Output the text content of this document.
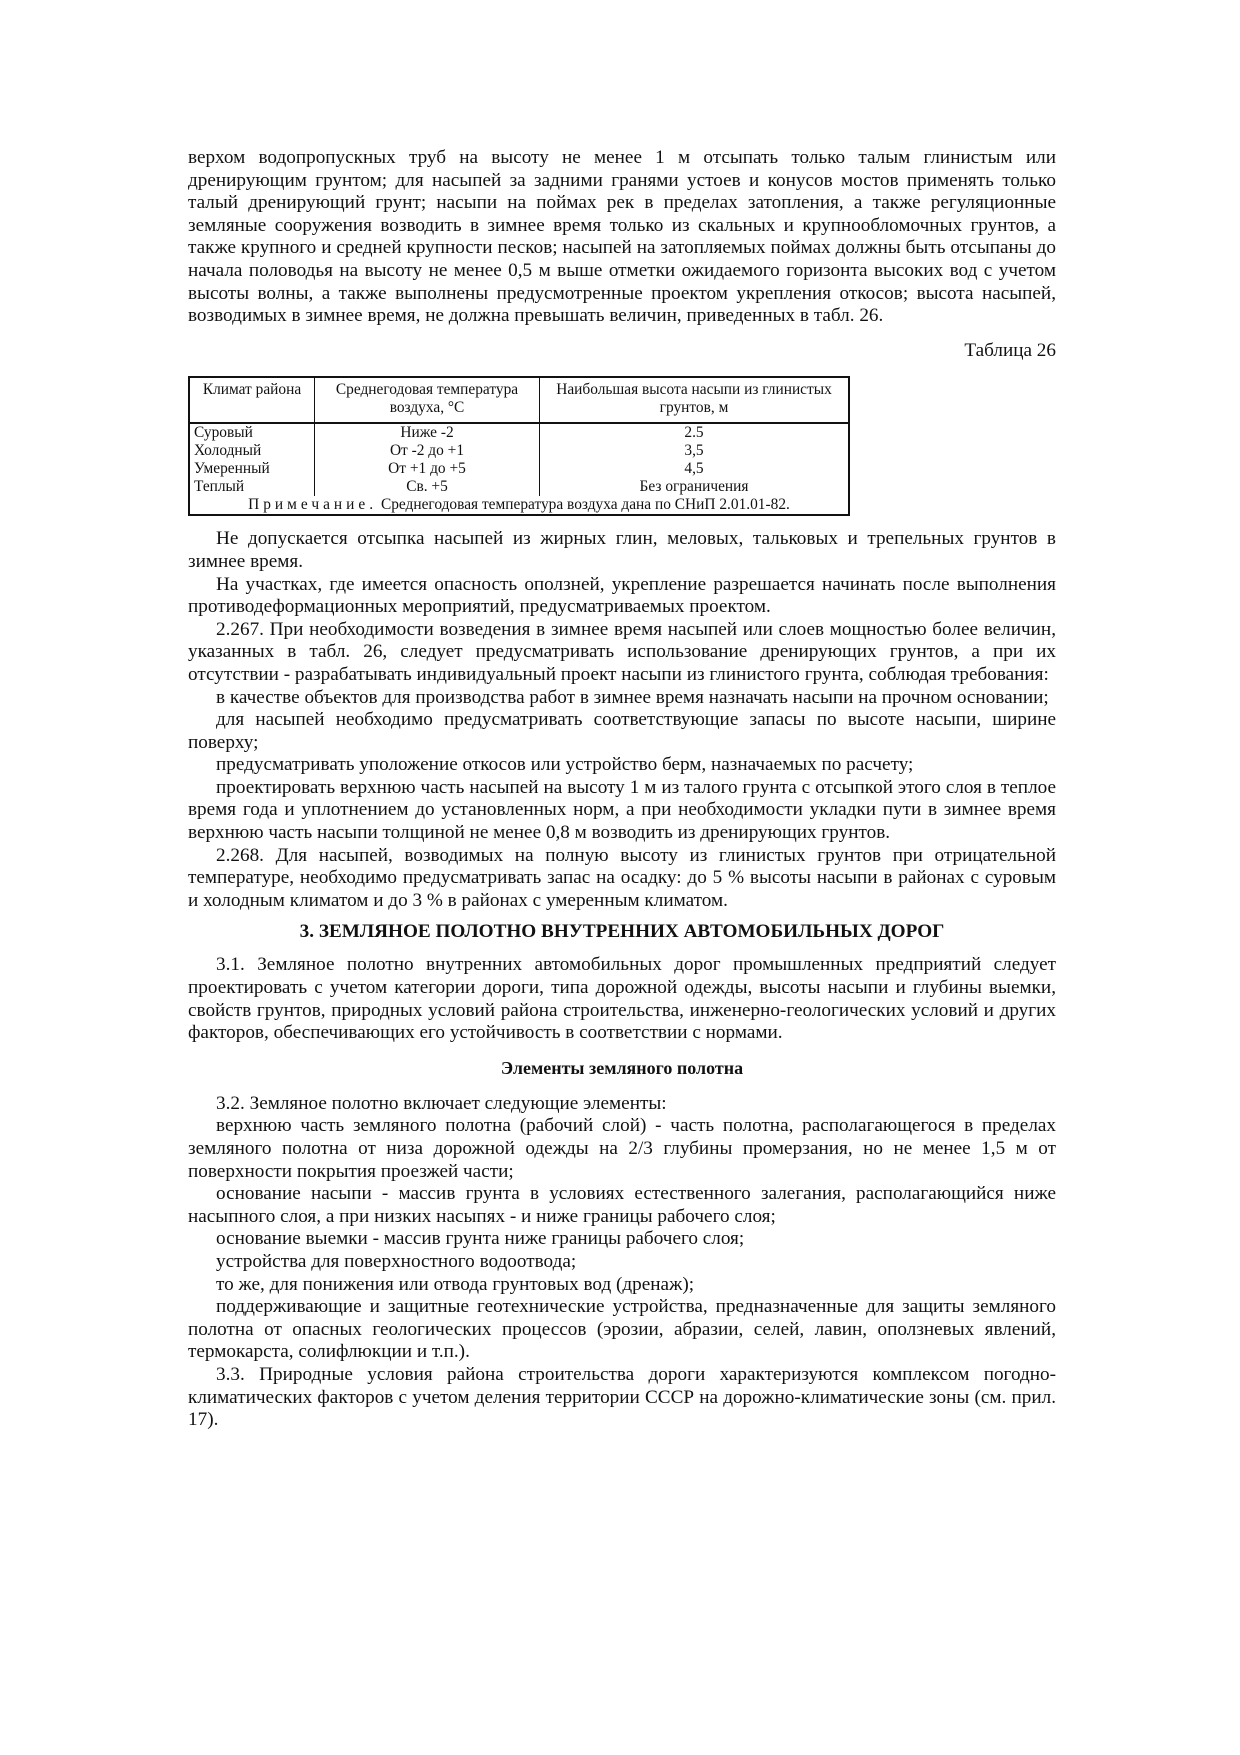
верхом водопропускных труб на высоту не менее 1 м отсыпать только талым глинистым или дренирующим грунтом; для насыпей за задними гранями устоев и конусов мостов применять только талый дренирующий грунт; насыпи на поймах рек в пределах затопления, а также регуляционные земляные сооружения возводить в зимнее время только из скальных и крупнообломочных грунтов, а также крупного и средней крупности песков; насыпей на затопляемых поймах должны быть отсыпаны до начала половодья на высоту не менее 0,5 м выше отметки ожидаемого горизонта высоких вод с учетом высоты волны, а также выполнены предусмотренные проектом укрепления откосов; высота насыпей, возводимых в зимнее время, не должна превышать величин, приведенных в табл. 26.

Таблица 26

Климат района	Среднегодовая температура воздуха, °С	Наибольшая высота насыпи из глинистых грунтов, м
Суровый	Ниже -2	2.5
Холодный	От -2 до +1	3,5
Умеренный	От +1 до +5	4,5
Теплый	Св. +5	Без ограничения
Примечание. Среднегодовая температура воздуха дана по СНиП 2.01.01-82.		

Не допускается отсыпка насыпей из жирных глин, меловых, тальковых и трепельных грунтов в зимнее время.

На участках, где имеется опасность оползней, укрепление разрешается начинать после выполнения противодеформационных мероприятий, предусматриваемых проектом.

2.267. При необходимости возведения в зимнее время насыпей или слоев мощностью более величин, указанных в табл. 26, следует предусматривать использование дренирующих грунтов, а при их отсутствии - разрабатывать индивидуальный проект насыпи из глинистого грунта, соблюдая требования:

в качестве объектов для производства работ в зимнее время назначать насыпи на прочном основании;

для насыпей необходимо предусматривать соответствующие запасы по высоте насыпи, ширине поверху;

предусматривать уположение откосов или устройство берм, назначаемых по расчету;

проектировать верхнюю часть насыпей на высоту 1 м из талого грунта с отсыпкой этого слоя в теплое время года и уплотнением до установленных норм, а при необходимости укладки пути в зимнее время верхнюю часть насыпи толщиной не менее 0,8 м возводить из дренирующих грунтов.

2.268. Для насыпей, возводимых на полную высоту из глинистых грунтов при отрицательной температуре, необходимо предусматривать запас на осадку: до 5 % высоты насыпи в районах с суровым и холодным климатом и до 3 % в районах с умеренным климатом.

3. ЗЕМЛЯНОЕ ПОЛОТНО ВНУТРЕННИХ АВТОМОБИЛЬНЫХ ДОРОГ

3.1. Земляное полотно внутренних автомобильных дорог промышленных предприятий следует проектировать с учетом категории дороги, типа дорожной одежды, высоты насыпи и глубины выемки, свойств грунтов, природных условий района строительства, инженерно-геологических условий и других факторов, обеспечивающих его устойчивость в соответствии с нормами.

Элементы земляного полотна

3.2. Земляное полотно включает следующие элементы:

верхнюю часть земляного полотна (рабочий слой) - часть полотна, располагающегося в пределах земляного полотна от низа дорожной одежды на 2/3 глубины промерзания, но не менее 1,5 м от поверхности покрытия проезжей части;

основание насыпи - массив грунта в условиях естественного залегания, располагающийся ниже насыпного слоя, а при низких насыпях - и ниже границы рабочего слоя;

основание выемки - массив грунта ниже границы рабочего слоя;

устройства для поверхностного водоотвода;

то же, для понижения или отвода грунтовых вод (дренаж);

поддерживающие и защитные геотехнические устройства, предназначенные для защиты земляного полотна от опасных геологических процессов (эрозии, абразии, селей, лавин, оползневых явлений, термокарста, солифлюкции и т.п.).

3.3. Природные условия района строительства дороги характеризуются комплексом погодно-климатических факторов с учетом деления территории СССР на дорожно-климатические зоны (см. прил. 17).
